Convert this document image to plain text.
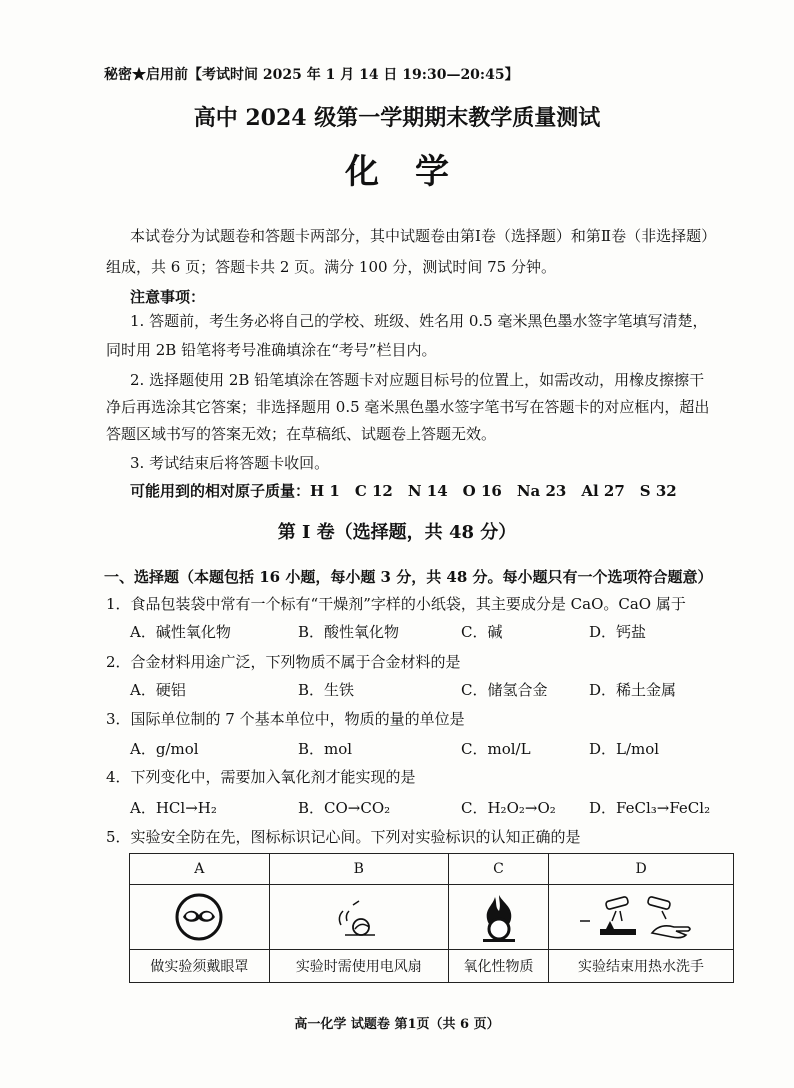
秘密★启用前【考试时间 2025 年 1 月 14 日 19:30—20:45】
高中 2024 级第一学期期末教学质量测试
化学
本试卷分为试题卷和答题卡两部分，其中试题卷由第Ⅰ卷（选择题）和第Ⅱ卷（非选择题）
组成，共 6 页；答题卡共 2 页。满分 100 分，测试时间 75 分钟。
注意事项：
1. 答题前，考生务必将自己的学校、班级、姓名用 0.5 毫米黑色墨水签字笔填写清楚，
同时用 2B 铅笔将考号准确填涂在“考号”栏目内。
2. 选择题使用 2B 铅笔填涂在答题卡对应题目标号的位置上，如需改动，用橡皮擦擦干
净后再选涂其它答案；非选择题用 0.5 毫米黑色墨水签字笔书写在答题卡的对应框内，超出
答题区域书写的答案无效；在草稿纸、试题卷上答题无效。
3. 考试结束后将答题卡收回。
可能用到的相对原子质量：H 1　C 12　N 14　O 16　Na 23　Al 27　S 32
第 Ⅰ 卷（选择题，共 48 分）
一、选择题（本题包括 16 小题，每小题 3 分，共 48 分。每小题只有一个选项符合题意）
1．食品包装袋中常有一个标有“干燥剂”字样的小纸袋，其主要成分是 CaO。CaO 属于
A．碱性氧化物	B．酸性氧化物	C．碱	D．钙盐
2．合金材料用途广泛，下列物质不属于合金材料的是
A．硬铝	B．生铁	C．储氢合金	D．稀土金属
3．国际单位制的 7 个基本单位中，物质的量的单位是
A．g/mol	B．mol	C．mol/L	D．L/mol
4．下列变化中，需要加入氧化剂才能实现的是
A．HCl→H₂	B．CO→CO₂	C．H₂O₂→O₂ D．FeCl₃→FeCl₂
5．实验安全防在先，图标标识记心间。下列对实验标识的认知正确的是
A	B	C	D

做实验须戴眼罩	实验时需使用电风扇	氧化性物质	实验结束用热水洗手
高一化学 试题卷 第1页（共 6 页）
